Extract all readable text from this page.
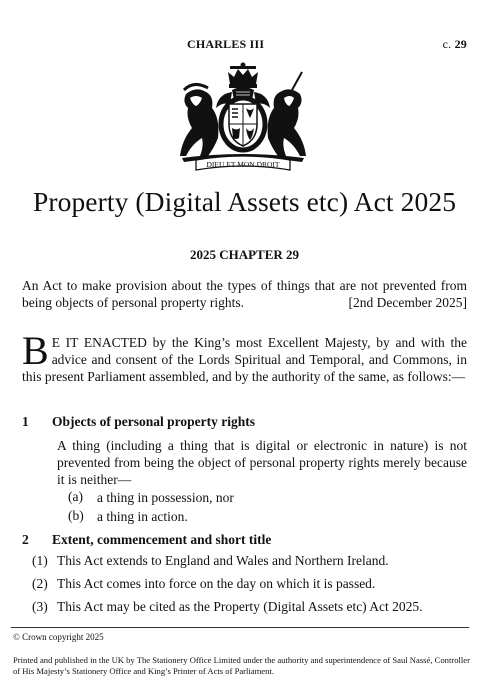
CHARLES III	c. 29
DIEU ET MON DROIT
Property (Digital Assets etc) Act 2025
2025 CHAPTER 29
An Act to make provision about the types of things that are not prevented from being objects of personal property rights.	[2nd December 2025]
B E IT ENACTED by the King’s most Excellent Majesty, by and with the advice and consent of the Lords Spiritual and Temporal, and Commons, in this present Parliament assembled, and by the authority of the same, as follows:—
1 Objects of personal property rights
A thing (including a thing that is digital or electronic in nature) is not prevented from being the object of personal property rights merely because it is neither—
(a) a thing in possession, nor
(b) a thing in action.
2 Extent, commencement and short title
(1) This Act extends to England and Wales and Northern Ireland.
(2) This Act comes into force on the day on which it is passed.
(3) This Act may be cited as the Property (Digital Assets etc) Act 2025.
© Crown copyright 2025
Printed and published in the UK by The Stationery Office Limited under the authority and superintendence of Saul Nassé, Controller of His Majesty’s Stationery Office and King’s Printer of Acts of Parliament.
